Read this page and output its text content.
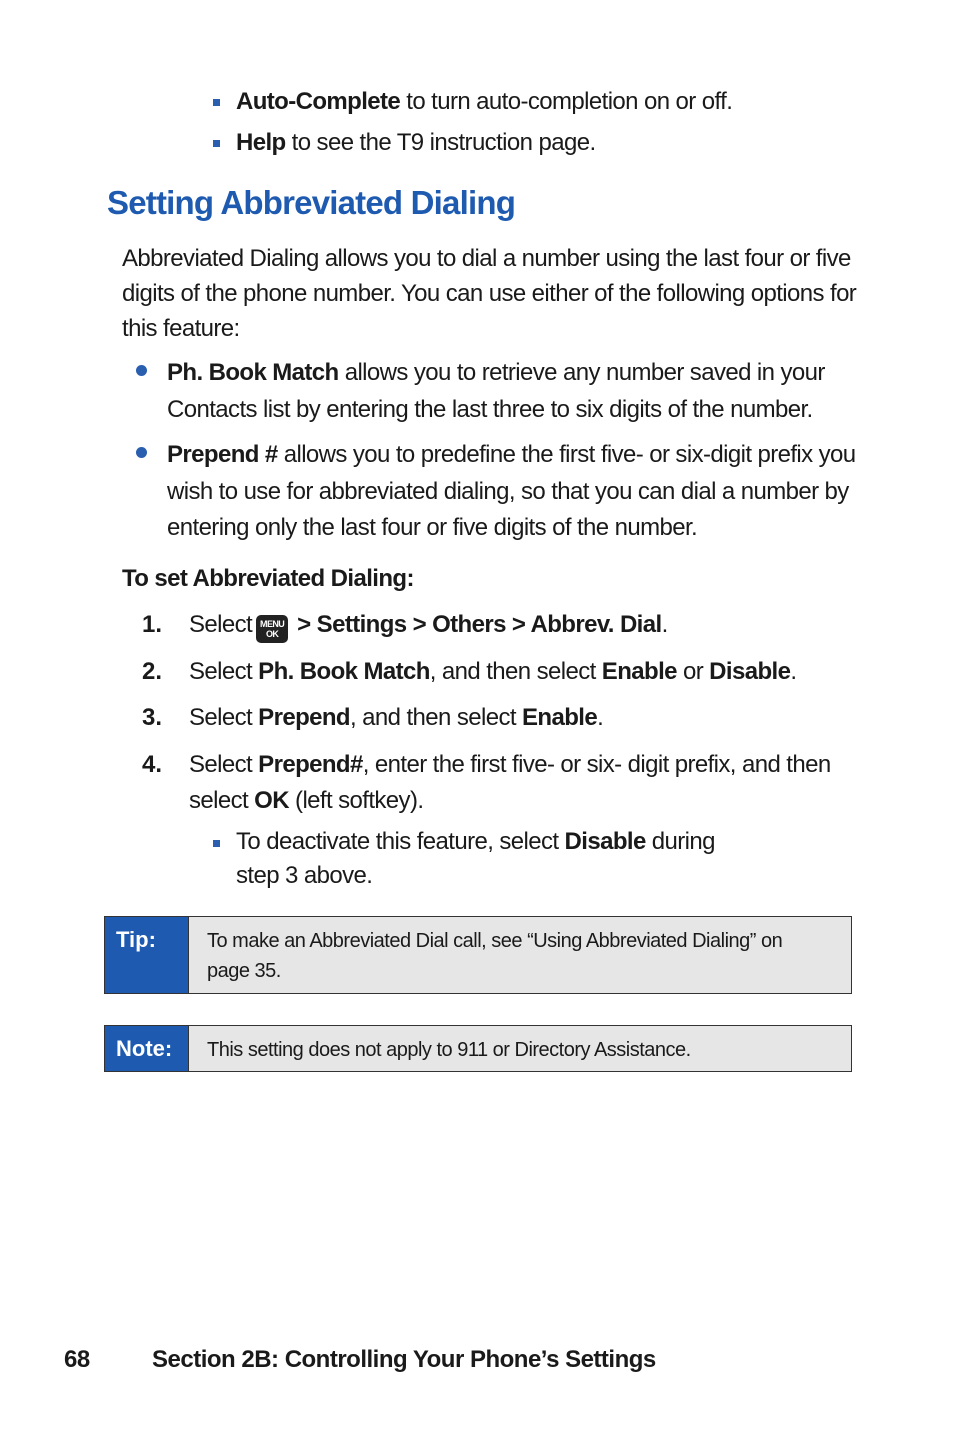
Auto-Complete to turn auto-completion on or off.
Help to see the T9 instruction page.
Setting Abbreviated Dialing
Abbreviated Dialing allows you to dial a number using the last four or five
digits of the phone number. You can use either of the following options for
this feature:
Ph. Book Match allows you to retrieve any number saved in your
Contacts list by entering the last three to six digits of the number.
Prepend # allows you to predefine the first five- or six-digit prefix you
wish to use for abbreviated dialing, so that you can dial a number by
entering only the last four or five digits of the number.
To set Abbreviated Dialing:
1.	Select MENU
OK > Settings > Others > Abbrev. Dial.
2.	Select Ph. Book Match, and then select Enable or Disable.
3.	Select Prepend, and then select Enable.
4.	Select Prepend#, enter the first five- or six- digit prefix, and then
select OK (left softkey).
To deactivate this feature, select Disable during
step 3 above.
Tip:	To make an Abbreviated Dial call, see “Using Abbreviated Dialing” on page 35.
Note:	This setting does not apply to 911 or Directory Assistance.
68	Section 2B: Controlling Your Phone’s Settings
